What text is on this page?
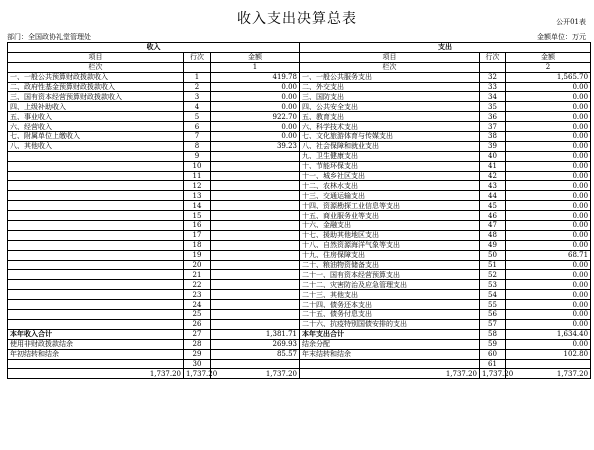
收入支出决算总表	公开01表
部门：全国政协礼堂管理处	金额单位：万元
收入			支出		
项目	行次	金额	项目	行次	金额
栏次		1	栏次		2
一、一般公共预算财政拨款收入	1	419.78	一、一般公共服务支出	32	1,565.70
二、政府性基金预算财政拨款收入	2	0.00	二、外交支出	33	0.00
三、国有资本经营预算财政拨款收入	3	0.00	三、国防支出	34	0.00
四、上级补助收入	4	0.00	四、公共安全支出	35	0.00
五、事业收入	5	922.70	五、教育支出	36	0.00
六、经营收入	6	0.00	六、科学技术支出	37	0.00
七、附属单位上缴收入	7	0.00	七、文化旅游体育与传媒支出	38	0.00
八、其他收入	8	39.23	八、社会保障和就业支出	39	0.00
	9		九、卫生健康支出	40	0.00
	10		十、节能环保支出	41	0.00
	11		十一、城乡社区支出	42	0.00
	12		十二、农林水支出	43	0.00
	13		十三、交通运输支出	44	0.00
	14		十四、资源勘探工业信息等支出	45	0.00
	15		十五、商业服务业等支出	46	0.00
	16		十六、金融支出	47	0.00
	17		十七、援助其他地区支出	48	0.00
	18		十八、自然资源海洋气象等支出	49	0.00
	19		十九、住房保障支出	50	68.71
	20		二十、粮油物资储备支出	51	0.00
	21		二十一、国有资本经营预算支出	52	0.00
	22		二十二、灾害防治及应急管理支出	53	0.00
	23		二十三、其他支出	54	0.00
	24		二十四、债务还本支出	55	0.00
	25		二十五、债务付息支出	56	0.00
	26		二十六、抗疫特别国债安排的支出	57	0.00
本年收入合计	27	1,381.71	本年支出合计	58	1,634.40
使用非财政拨款结余	28	269.93	结余分配	59	0.00
年初结转和结余	29	85.57	年末结转和结余	60	102.80
	30			61	
1,737.20	1,737.20	1,737.20	1,737.20	1,737.20	1,737.20
